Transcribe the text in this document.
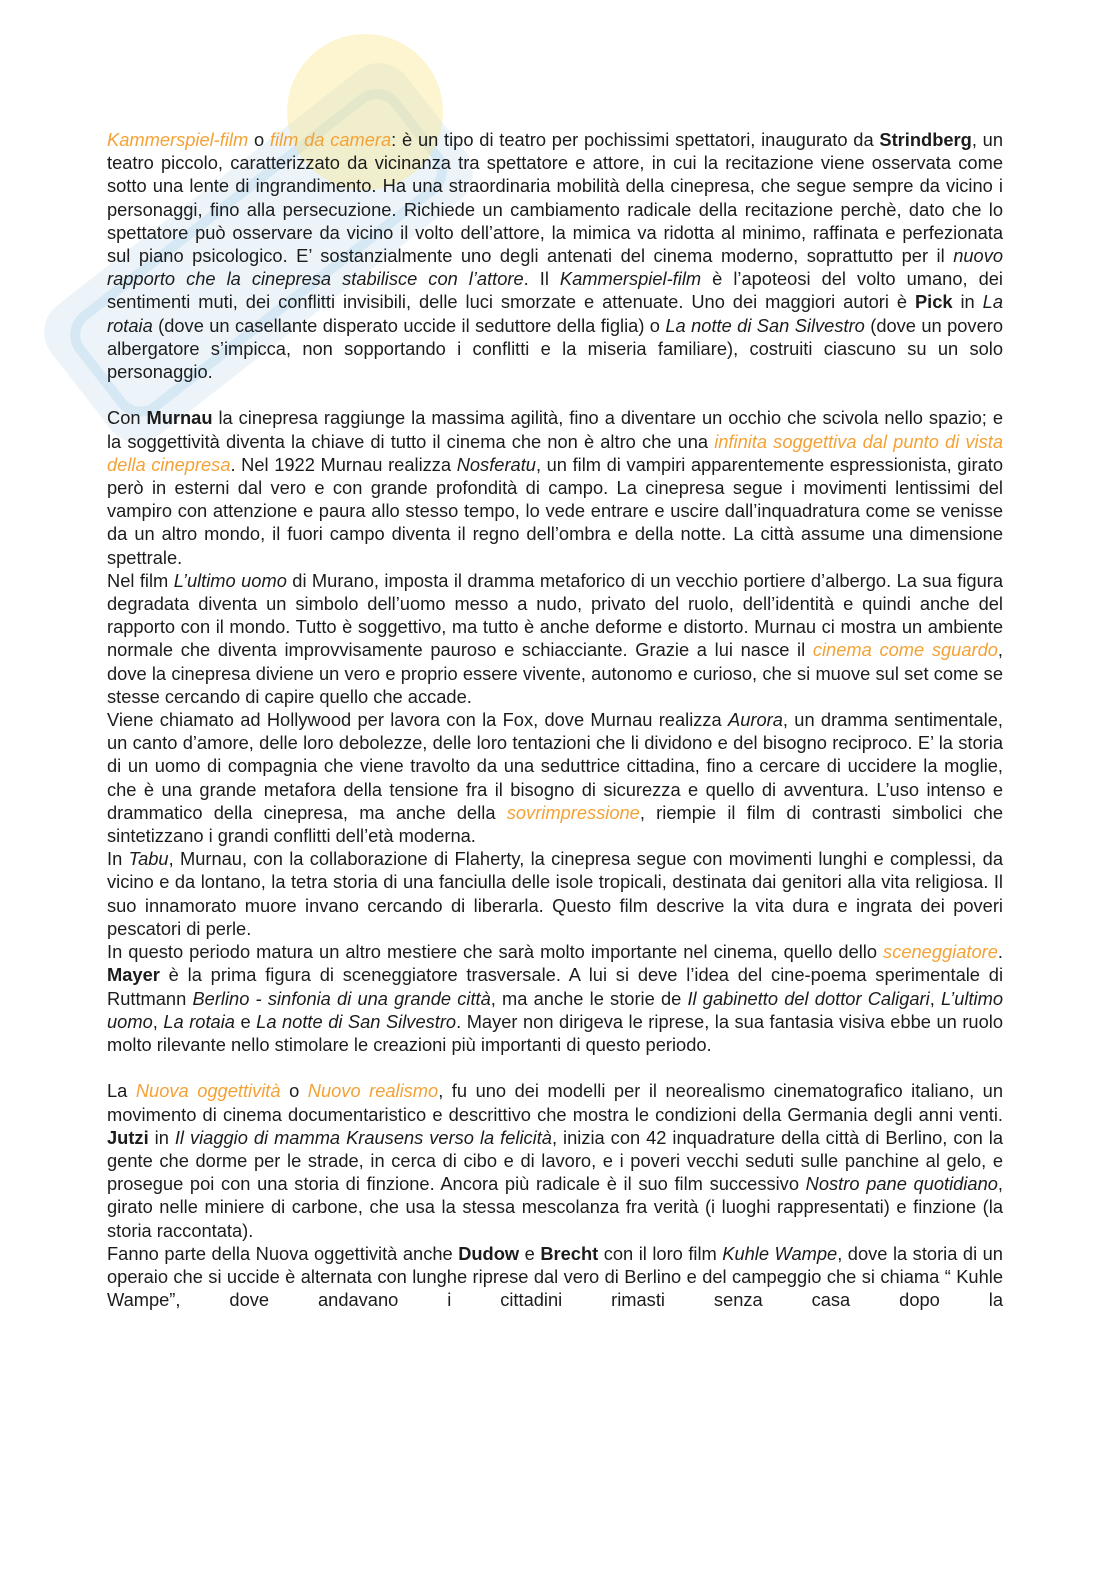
Kammerspiel-film o film da camera: è un tipo di teatro per pochissimi spettatori, inaugurato da Strindberg, un teatro piccolo, caratterizzato da vicinanza tra spettatore e attore, in cui la recitazione viene osservata come sotto una lente di ingrandimento. Ha una straordinaria mobilità della cinepresa, che segue sempre da vicino i personaggi, fino alla persecuzione. Richiede un cambiamento radicale della recitazione perchè, dato che lo spettatore può osservare da vicino il volto dell’attore, la mimica va ridotta al minimo, raffinata e perfezionata sul piano psicologico. E’ sostanzialmente uno degli antenati del cinema moderno, soprattutto per il nuovo rapporto che la cinepresa stabilisce con l’attore. Il Kammerspiel-film è l’apoteosi del volto umano, dei sentimenti muti, dei conflitti invisibili, delle luci smorzate e attenuate. Uno dei maggiori autori è Pick in La rotaia (dove un casellante disperato uccide il seduttore della figlia) o La notte di San Silvestro (dove un povero albergatore s’impicca, non sopportando i conflitti e la miseria familiare), costruiti ciascuno su un solo personaggio.

Con Murnau la cinepresa raggiunge la massima agilità, fino a diventare un occhio che scivola nello spazio; e la soggettività diventa la chiave di tutto il cinema che non è altro che una infinita soggettiva dal punto di vista della cinepresa. Nel 1922 Murnau realizza Nosferatu, un film di vampiri apparentemente espressionista, girato però in esterni dal vero e con grande profondità di campo. La cinepresa segue i movimenti lentissimi del vampiro con attenzione e paura allo stesso tempo, lo vede entrare e uscire dall’inquadratura come se venisse da un altro mondo, il fuori campo diventa il regno dell’ombra e della notte. La città assume una dimensione spettrale.

Nel film L’ultimo uomo di Murano, imposta il dramma metaforico di un vecchio portiere d’albergo. La sua figura degradata diventa un simbolo dell’uomo messo a nudo, privato del ruolo, dell’identità e quindi anche del rapporto con il mondo. Tutto è soggettivo, ma tutto è anche deforme e distorto. Murnau ci mostra un ambiente normale che diventa improvvisamente pauroso e schiacciante. Grazie a lui nasce il cinema come sguardo, dove la cinepresa diviene un vero e proprio essere vivente, autonomo e curioso, che si muove sul set come se stesse cercando di capire quello che accade.

Viene chiamato ad Hollywood per lavora con la Fox, dove Murnau realizza Aurora, un dramma sentimentale, un canto d’amore, delle loro debolezze, delle loro tentazioni che li dividono e del bisogno reciproco. E’ la storia di un uomo di compagnia che viene travolto da una seduttrice cittadina, fino a cercare di uccidere la moglie, che è una grande metafora della tensione fra il bisogno di sicurezza e quello di avventura. L’uso intenso e drammatico della cinepresa, ma anche della sovrimpressione, riempie il film di contrasti simbolici che sintetizzano i grandi conflitti dell’età moderna.

In Tabu, Murnau, con la collaborazione di Flaherty, la cinepresa segue con movimenti lunghi e complessi, da vicino e da lontano, la tetra storia di una fanciulla delle isole tropicali, destinata dai genitori alla vita religiosa. Il suo innamorato muore invano cercando di liberarla. Questo film descrive la vita dura e ingrata dei poveri pescatori di perle.

In questo periodo matura un altro mestiere che sarà molto importante nel cinema, quello dello sceneggiatore. Mayer è la prima figura di sceneggiatore trasversale. A lui si deve l’idea del cine-poema sperimentale di Ruttmann Berlino - sinfonia di una grande città, ma anche le storie de Il gabinetto del dottor Caligari, L’ultimo uomo, La rotaia e La notte di San Silvestro. Mayer non dirigeva le riprese, la sua fantasia visiva ebbe un ruolo molto rilevante nello stimolare le creazioni più importanti di questo periodo.

La Nuova oggettività o Nuovo realismo, fu uno dei modelli per il neorealismo cinematografico italiano, un movimento di cinema documentaristico e descrittivo che mostra le condizioni della Germania degli anni venti. Jutzi in Il viaggio di mamma Krausens verso la felicità, inizia con 42 inquadrature della città di Berlino, con la gente che dorme per le strade, in cerca di cibo e di lavoro, e i poveri vecchi seduti sulle panchine al gelo, e prosegue poi con una storia di finzione. Ancora più radicale è il suo film successivo Nostro pane quotidiano, girato nelle miniere di carbone, che usa la stessa mescolanza fra verità (i luoghi rappresentati) e finzione (la storia raccontata).

Fanno parte della Nuova oggettività anche Dudow e Brecht con il loro film Kuhle Wampe, dove la storia di un operaio che si uccide è alternata con lunghe riprese dal vero di Berlino e del campeggio che si chiama “ Kuhle Wampe”, dove andavano i cittadini rimasti senza casa dopo la
